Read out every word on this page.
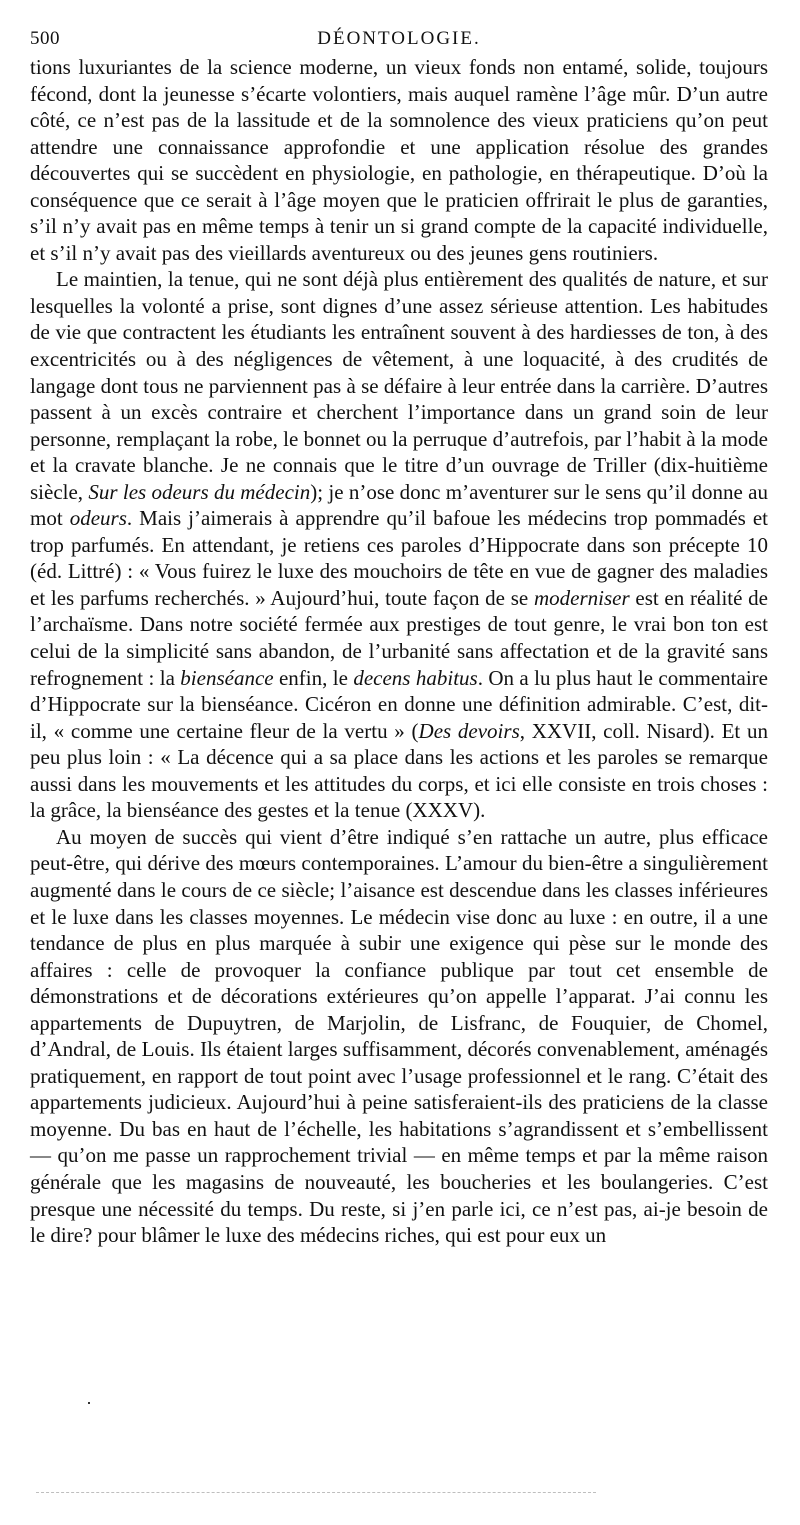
500	DÉONTOLOGIE.

tions luxuriantes de la science moderne, un vieux fonds non entamé, solide, toujours fécond, dont la jeunesse s’écarte volontiers, mais auquel ramène l’âge mûr. D’un autre côté, ce n’est pas de la lassitude et de la somnolence des vieux praticiens qu’on peut attendre une connaissance approfondie et une application résolue des grandes découvertes qui se succèdent en physiologie, en pathologie, en thérapeutique. D’où la conséquence que ce serait à l’âge moyen que le praticien offrirait le plus de garanties, s’il n’y avait pas en même temps à tenir un si grand compte de la capacité individuelle, et s’il n’y avait pas des vieillards aventureux ou des jeunes gens routiniers.

Le maintien, la tenue, qui ne sont déjà plus entièrement des qualités de nature, et sur lesquelles la volonté a prise, sont dignes d’une assez sérieuse attention. Les habitudes de vie que contractent les étudiants les entraînent souvent à des hardiesses de ton, à des excentricités ou à des négligences de vêtement, à une loquacité, à des crudités de langage dont tous ne parviennent pas à se défaire à leur entrée dans la carrière. D’autres passent à un excès contraire et cherchent l’importance dans un grand soin de leur personne, remplaçant la robe, le bonnet ou la perruque d’autrefois, par l’habit à la mode et la cravate blanche. Je ne connais que le titre d’un ouvrage de Triller (dix-huitième siècle, Sur les odeurs du médecin); je n’ose donc m’aventurer sur le sens qu’il donne au mot odeurs. Mais j’aimerais à apprendre qu’il bafoue les médecins trop pommadés et trop parfumés. En attendant, je retiens ces paroles d’Hippocrate dans son précepte 10 (éd. Littré) : « Vous fuirez le luxe des mouchoirs de tête en vue de gagner des maladies et les parfums recherchés. » Aujourd’hui, toute façon de se moderniser est en réalité de l’archaïsme. Dans notre société fermée aux prestiges de tout genre, le vrai bon ton est celui de la simplicité sans abandon, de l’urbanité sans affectation et de la gravité sans refrognement : la bienséance enfin, le decens habitus. On a lu plus haut le commentaire d’Hippocrate sur la bienséance. Cicéron en donne une définition admirable. C’est, dit-il, « comme une certaine fleur de la vertu » (Des devoirs, XXVII, coll. Nisard). Et un peu plus loin : « La décence qui a sa place dans les actions et les paroles se remarque aussi dans les mouvements et les attitudes du corps, et ici elle consiste en trois choses : la grâce, la bienséance des gestes et la tenue (XXXV).

Au moyen de succès qui vient d’être indiqué s’en rattache un autre, plus efficace peut-être, qui dérive des mœurs contemporaines. L’amour du bien-être a singulièrement augmenté dans le cours de ce siècle; l’aisance est descendue dans les classes inférieures et le luxe dans les classes moyennes. Le médecin vise donc au luxe : en outre, il a une tendance de plus en plus marquée à subir une exigence qui pèse sur le monde des affaires : celle de provoquer la confiance publique par tout cet ensemble de démonstrations et de décorations extérieures qu’on appelle l’apparat. J’ai connu les appartements de Dupuytren, de Marjolin, de Lisfranc, de Fouquier, de Chomel, d’Andral, de Louis. Ils étaient larges suffisamment, décorés convenablement, aménagés pratiquement, en rapport de tout point avec l’usage professionnel et le rang. C’était des appartements judicieux. Aujourd’hui à peine satisferaient-ils des praticiens de la classe moyenne. Du bas en haut de l’échelle, les habitations s’agrandissent et s’embellissent — qu’on me passe un rapprochement trivial — en même temps et par la même raison générale que les magasins de nouveauté, les boucheries et les boulangeries. C’est presque une nécessité du temps. Du reste, si j’en parle ici, ce n’est pas, ai-je besoin de le dire? pour blâmer le luxe des médecins riches, qui est pour eux un
